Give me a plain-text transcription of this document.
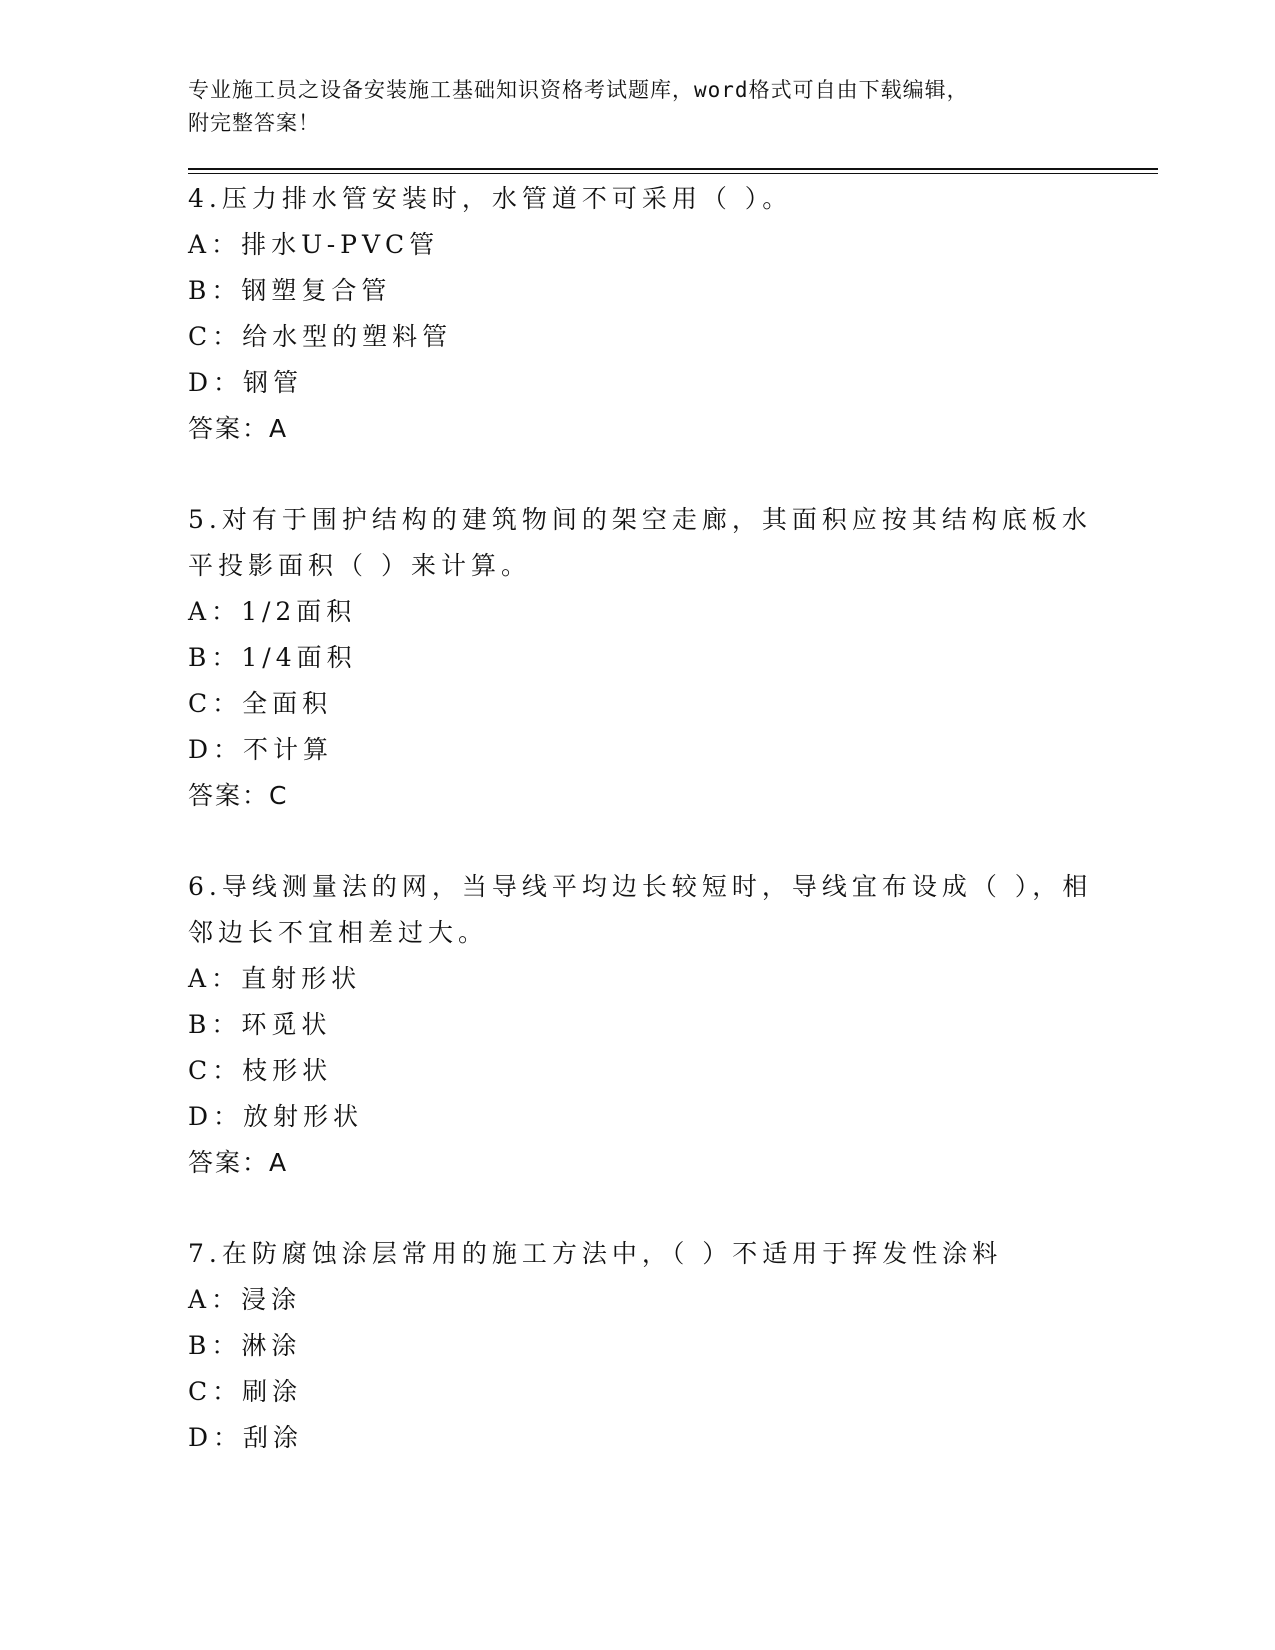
专业施工员之设备安装施工基础知识资格考试题库，word格式可自由下载编辑，
附完整答案！
4.压力排水管安装时，水管道不可采用（ ）。
A：排水U-PVC管
B：钢塑复合管
C：给水型的塑料管
D：钢管
答案：A
5.对有于围护结构的建筑物间的架空走廊，其面积应按其结构底板水
平投影面积（ ）来计算。
A：1/2面积
B：1/4面积
C：全面积
D：不计算
答案：C
6.导线测量法的网，当导线平均边长较短时，导线宜布设成（ ），相
邻边长不宜相差过大。
A：直射形状
B：环觅状
C：枝形状
D：放射形状
答案：A
7.在防腐蚀涂层常用的施工方法中，（ ）不适用于挥发性涂料
A：浸涂
B：淋涂
C：刷涂
D：刮涂
